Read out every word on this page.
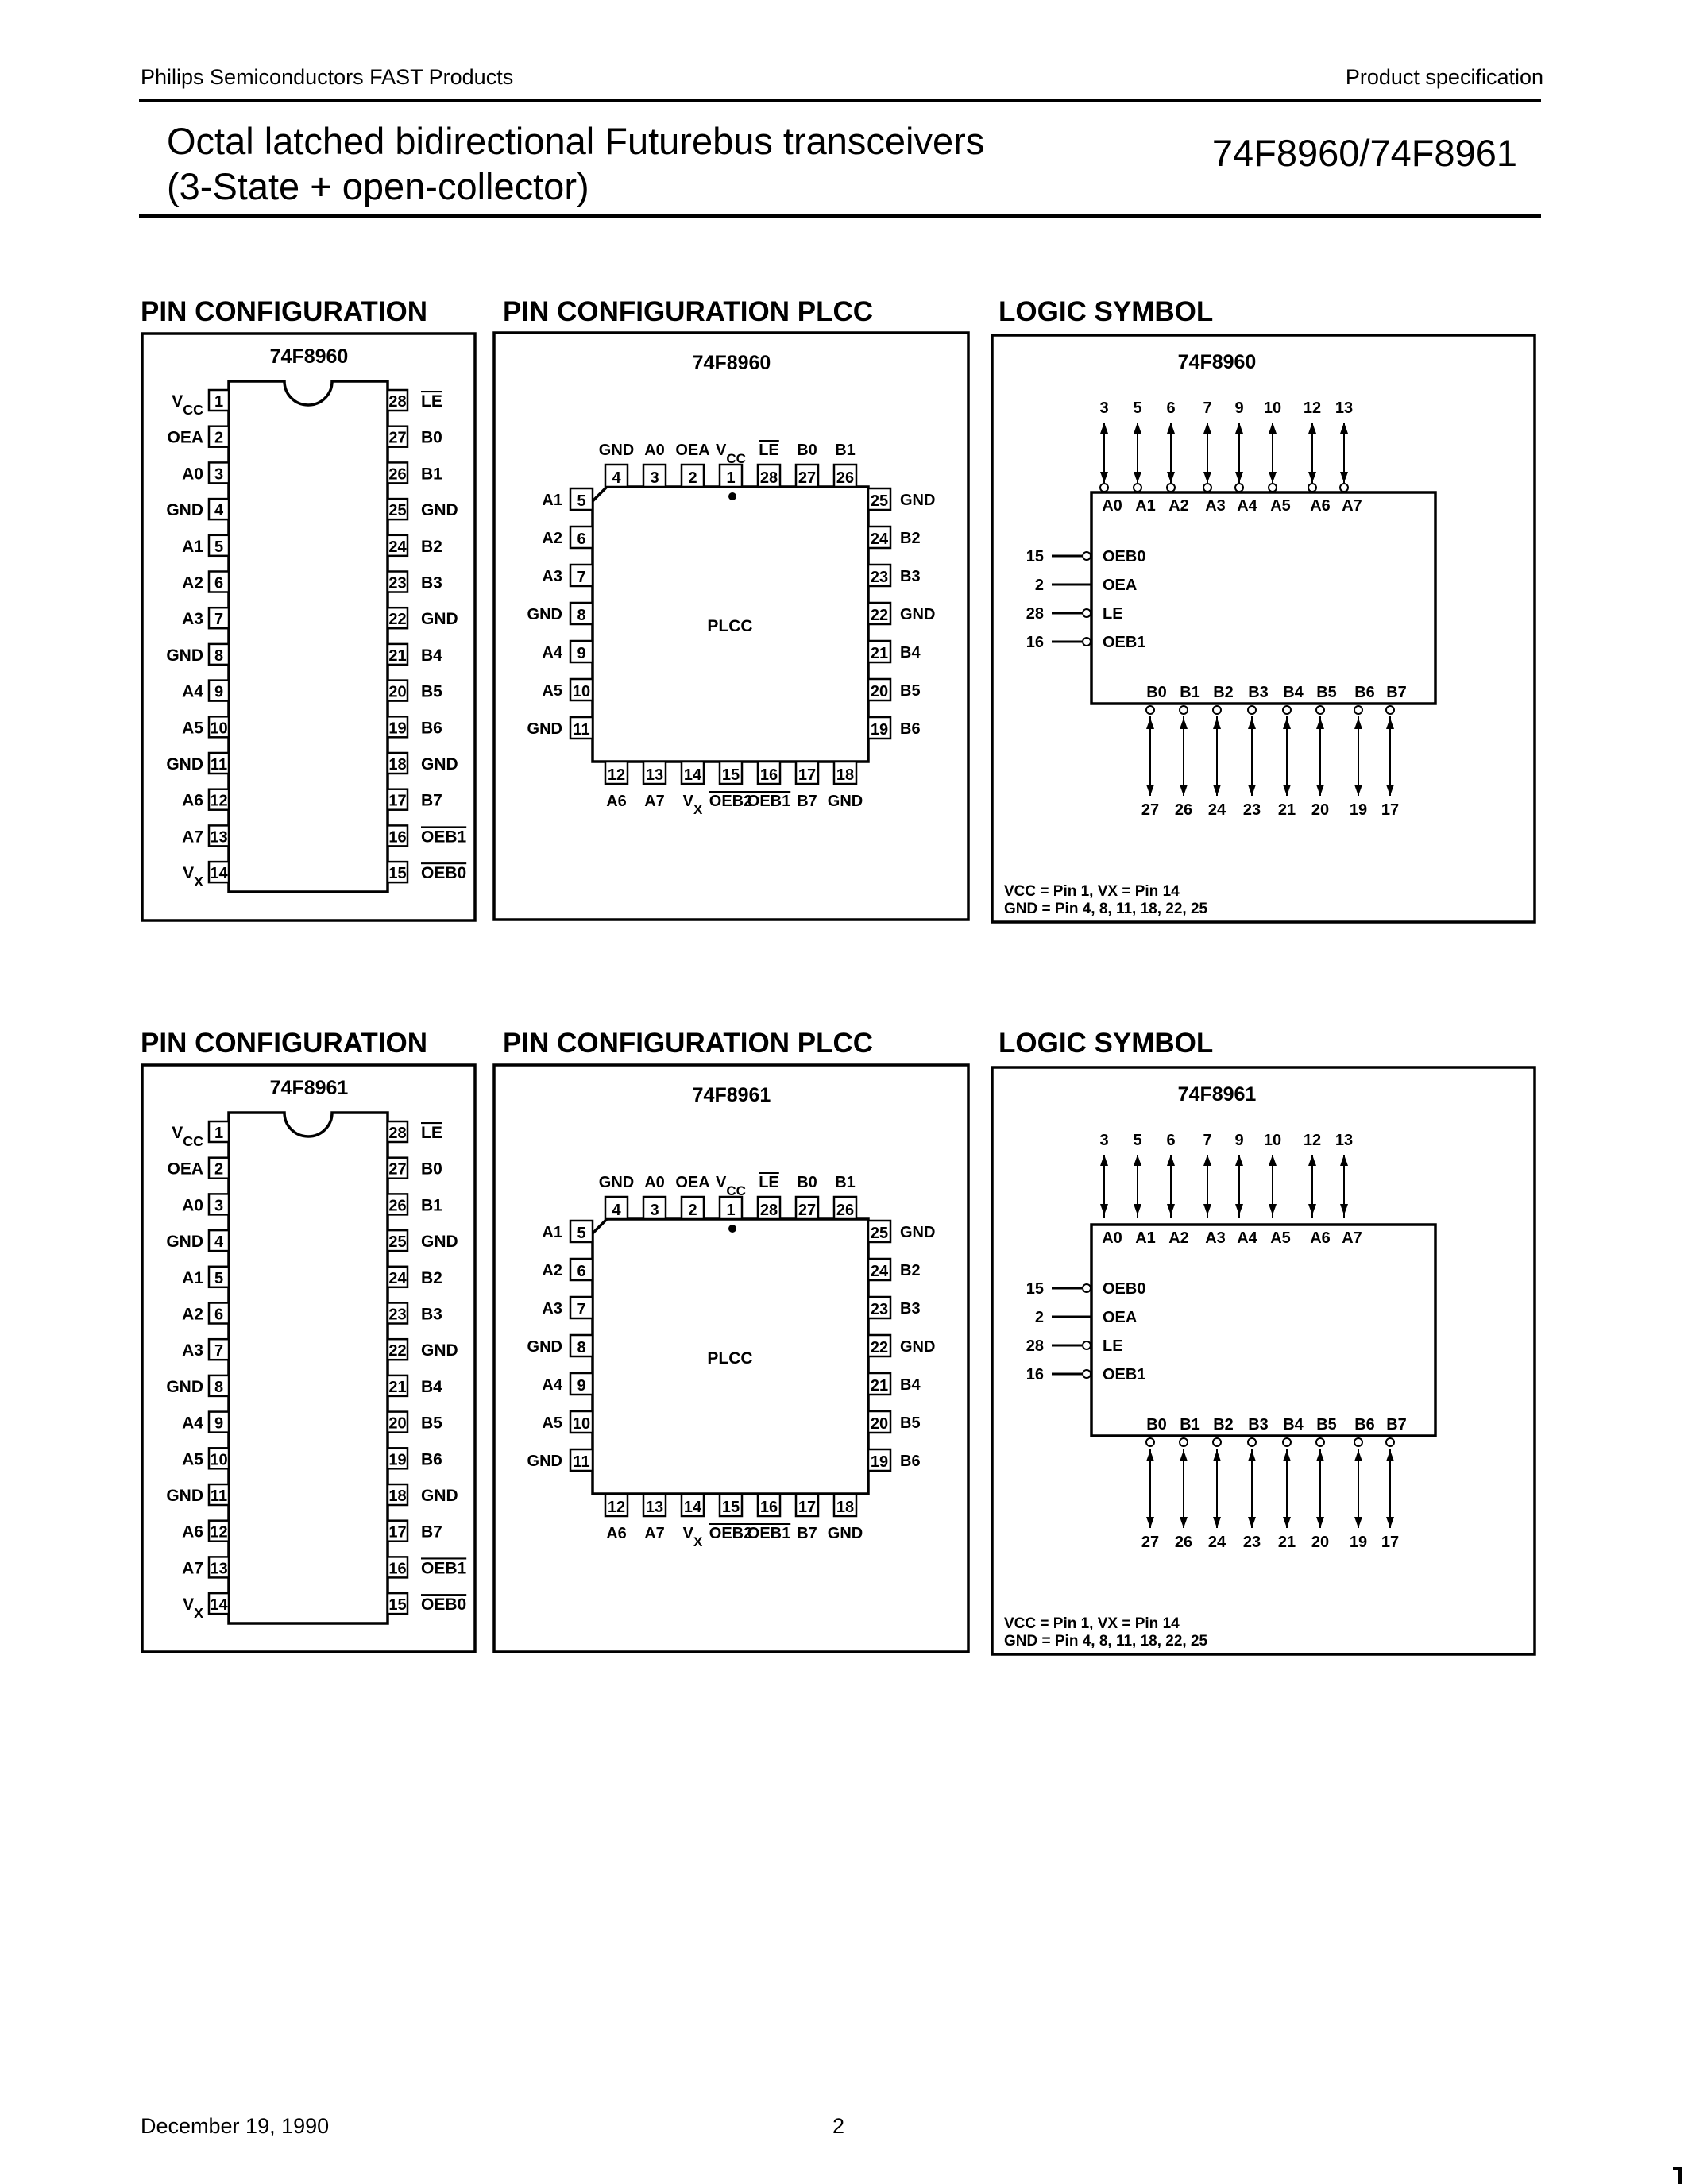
Philips Semiconductors FAST Products	Product specification
Octal latched bidirectional Futurebus transceivers
(3-State + open-collector)
74F8960/74F8961
PIN CONFIGURATION	PIN CONFIGURATION PLCC	LOGIC SYMBOL
PIN CONFIGURATION	PIN CONFIGURATION PLCC	LOGIC SYMBOL
74F8960
1
$V_{CC}$
2
OEA
3
A0
4
GND
5
A1
6
A2
7
A3
8
GND
9
A4
10
A5
11
GND
12
A6
13
A7
14
$V_X$
28 LE
27 B0
26 B1
25 GND
24 B2
23 B3
22 GND
21 B4
20 B5
19 B6
18 GND
17 B7
16 OEB1
15 OEB0
74F8960
PLCC
4
GND
3
A0
2
OEA
1
$V_{CC}$
28
LE
27
B0
26
B1
12
A6
13
A7
14
$V_X$
15
OEB2
16
OEB1
17
B7
18
GND
5
A1
6
A2
7
A3
8
GND
9
A4
10
A5
11
GND
25 GND
24 B2
23 B3
22 GND
21 B4
20 B5
19 B6
74F8960
3
A0
5
A1
6
A2
7
A3
9
A4
10
A5
12
A6
13
A7
B0
27
B1
26
B2
24
B3
23
B4
21
B5
20
B6
19
B7
17
15	OEB0
2	OEA
28	LE
16	OEB1
VCC = Pin 1, VX = Pin 14
GND = Pin 4, 8, 11, 18, 22, 25
74F8961
1
$V_{CC}$
2
OEA
3
A0
4
GND
5
A1
6
A2
7
A3
8
GND
9
A4
10
A5
11
GND
12
A6
13
A7
14
$V_X$
28 LE
27 B0
26 B1
25 GND
24 B2
23 B3
22 GND
21 B4
20 B5
19 B6
18 GND
17 B7
16 OEB1
15 OEB0
74F8961
PLCC
4
GND
3
A0
2
OEA
1
$V_{CC}$
28
LE
27
B0
26
B1
12
A6
13
A7
14
$V_X$
15
OEB2
16
OEB1
17
B7
18
GND
5
A1
6
A2
7
A3
8
GND
9
A4
10
A5
11
GND
25 GND
24 B2
23 B3
22 GND
21 B4
20 B5
19 B6
74F8961
3
A0
5
A1
6
A2
7
A3
9
A4
10
A5
12
A6
13
A7
B0
27
B1
26
B2
24
B3
23
B4
21
B5
20
B6
19
B7
17
15	OEB0
2	OEA
28	LE
16	OEB1
VCC = Pin 1, VX = Pin 14
GND = Pin 4, 8, 11, 18, 22, 25
December 19, 1990	2
